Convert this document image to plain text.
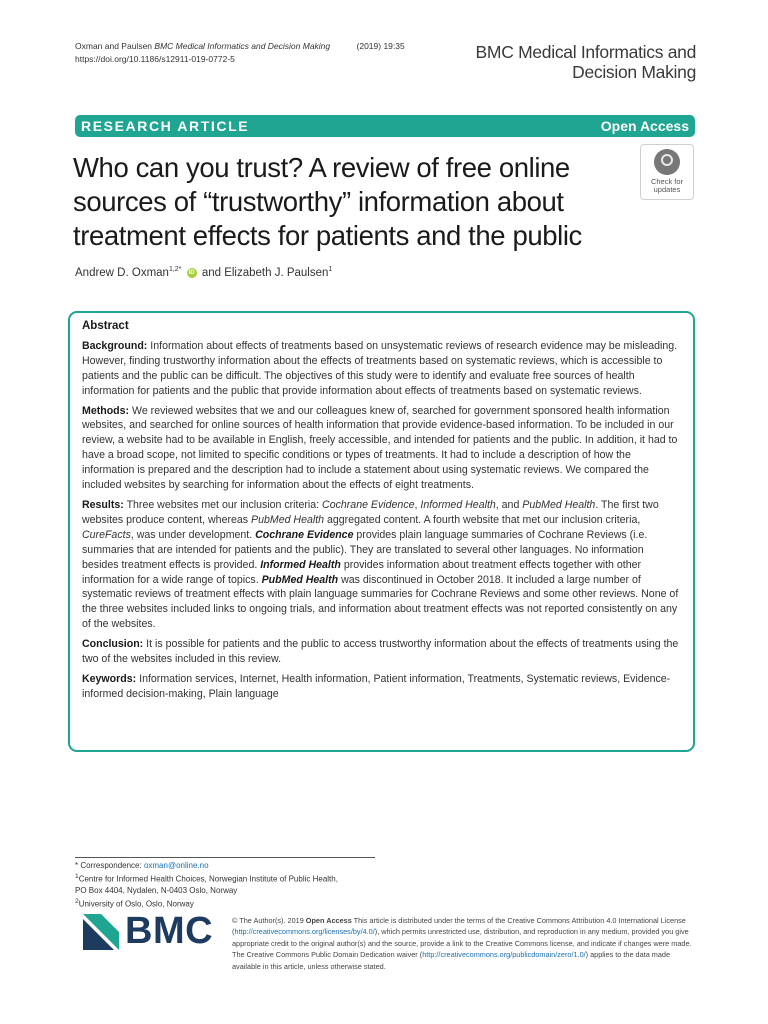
Oxman and Paulsen BMC Medical Informatics and Decision Making	(2019) 19:35
https://doi.org/10.1186/s12911-019-0772-5	BMC Medical Informatics and
Decision Making
RESEARCH ARTICLE	Open Access
Who can you trust? A review of free online sources of “trustworthy” information about treatment effects for patients and the public
Check for
updates
Andrew D. Oxman$^{1,2*}$ iD and Elizabeth J. Paulsen$^1$
Abstract

Background: Information about effects of treatments based on unsystematic reviews of research evidence may be misleading. However, finding trustworthy information about the effects of treatments based on systematic reviews, which is accessible to patients and the public can be difficult. The objectives of this study were to identify and evaluate free sources of health information for patients and the public that provide information about effects of treatments based on systematic reviews.

Methods: We reviewed websites that we and our colleagues knew of, searched for government sponsored health information websites, and searched for online sources of health information that provide evidence-based information. To be included in our review, a website had to be available in English, freely accessible, and intended for patients and the public. In addition, it had to have a broad scope, not limited to specific conditions or types of treatments. It had to include a description of how the information is prepared and the description had to include a statement about using systematic reviews. We compared the included websites by searching for information about the effects of eight treatments.

Results: Three websites met our inclusion criteria: Cochrane Evidence, Informed Health, and PubMed Health. The first two websites produce content, whereas PubMed Health aggregated content. A fourth website that met our inclusion criteria, CureFacts, was under development. Cochrane Evidence provides plain language summaries of Cochrane Reviews (i.e. summaries that are intended for patients and the public). They are translated to several other languages. No information besides treatment effects is provided. Informed Health provides information about treatment effects together with other information for a wide range of topics. PubMed Health was discontinued in October 2018. It included a large number of systematic reviews of treatment effects with plain language summaries for Cochrane Reviews and some other reviews. None of the three websites included links to ongoing trials, and information about treatment effects was not reported consistently on any of the websites.

Conclusion: It is possible for patients and the public to access trustworthy information about the effects of treatments using the two of the websites included in this review.

Keywords: Information services, Internet, Health information, Patient information, Treatments, Systematic reviews, Evidence-informed decision-making, Plain language

* Correspondence: oxman@online.no
$^1$Centre for Informed Health Choices, Norwegian Institute of Public Health,
PO Box 4404, Nydalen, N-0403 Oslo, Norway
$^2$University of Oslo, Oslo, Norway
BMC	© The Author(s). 2019 Open Access This article is distributed under the terms of the Creative Commons Attribution 4.0 International License (http://creativecommons.org/licenses/by/4.0/), which permits unrestricted use, distribution, and reproduction in any medium, provided you give appropriate credit to the original author(s) and the source, provide a link to the Creative Commons license, and indicate if changes were made. The Creative Commons Public Domain Dedication waiver (http://creativecommons.org/publicdomain/zero/1.0/) applies to the data made available in this article, unless otherwise stated.
